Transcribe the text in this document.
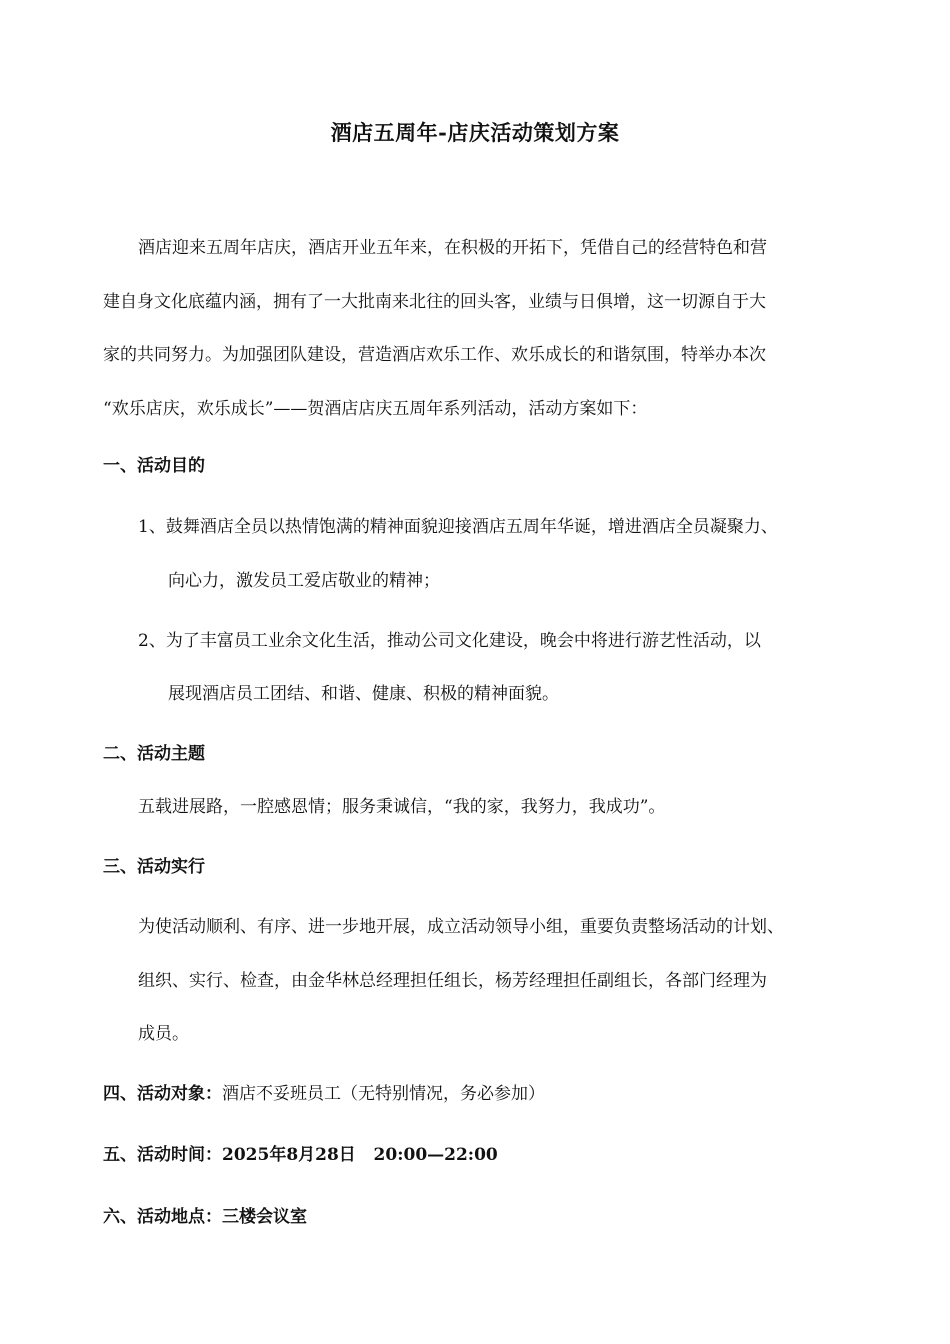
酒店五周年-店庆活动策划方案
酒店迎来五周年店庆，酒店开业五年来，在积极的开拓下，凭借自己的经营特色和营
建自身文化底蕴内涵，拥有了一大批南来北往的回头客，业绩与日俱增，这一切源自于大
家的共同努力。为加强团队建设，营造酒店欢乐工作、欢乐成长的和谐氛围，特举办本次
“欢乐店庆，欢乐成长”——贺酒店店庆五周年系列活动，活动方案如下：
一、活动目的
1、鼓舞酒店全员以热情饱满的精神面貌迎接酒店五周年华诞，增进酒店全员凝聚力、
向心力，激发员工爱店敬业的精神；
2、为了丰富员工业余文化生活，推动公司文化建设，晚会中将进行游艺性活动，以
展现酒店员工团结、和谐、健康、积极的精神面貌。
二、活动主题
五载进展路，一腔感恩情；服务秉诚信，“我的家，我努力，我成功”。
三、活动实行
为使活动顺利、有序、进一步地开展，成立活动领导小组，重要负责整场活动的计划、
组织、实行、检查，由金华林总经理担任组长，杨芳经理担任副组长，各部门经理为
成员。
四、活动对象：酒店不妥班员工（无特别情况，务必参加）
五、活动时间：2025年8月28日   20:00—22:00
六、活动地点：三楼会议室
